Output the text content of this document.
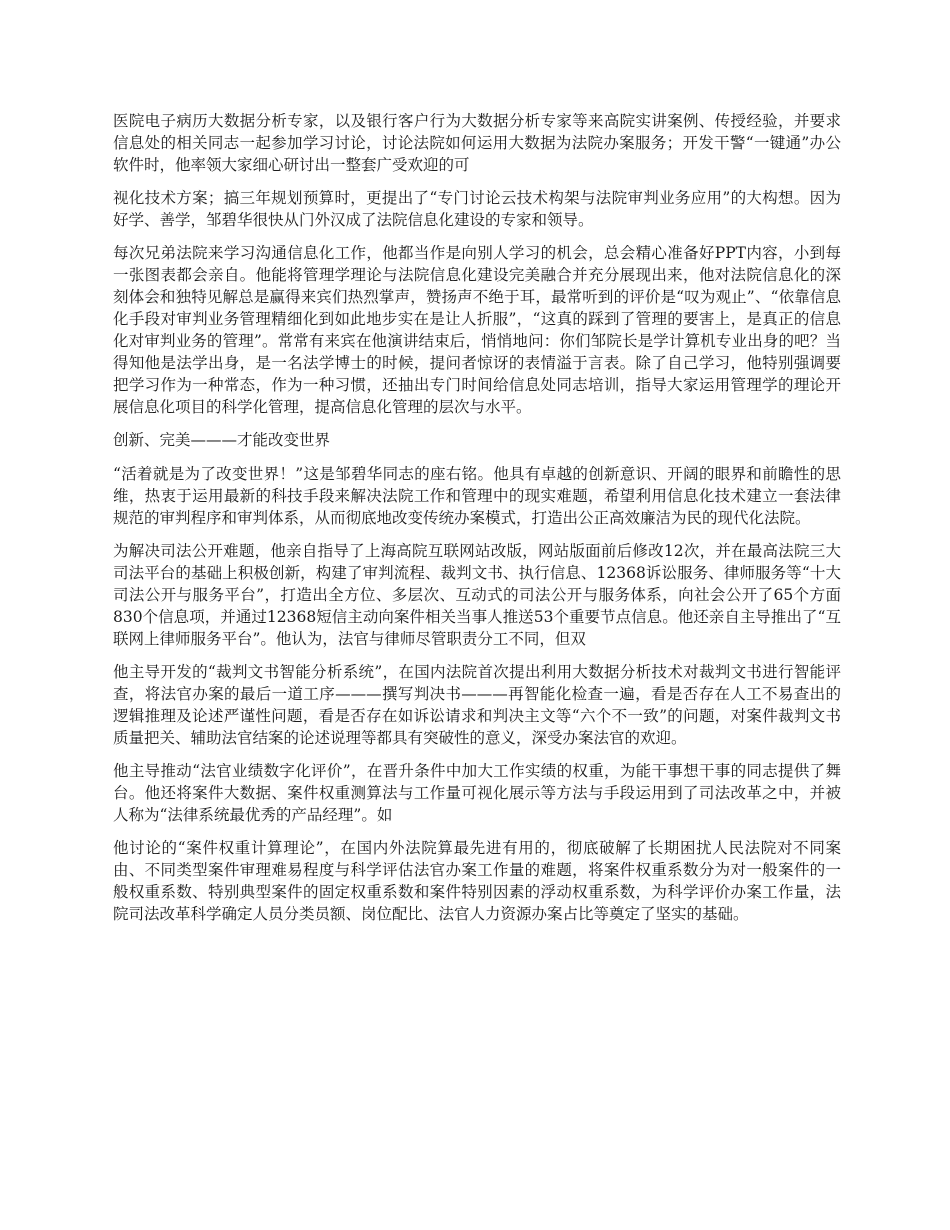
医院电子病历大数据分析专家，以及银行客户行为大数据分析专家等来高院实讲案例、传授经验，并要求信息处的相关同志一起参加学习讨论，讨论法院如何运用大数据为法院办案服务；开发干警“一键通”办公软件时，他率领大家细心研讨出一整套广受欢迎的可

视化技术方案；搞三年规划预算时，更提出了“专门讨论云技术构架与法院审判业务应用”的大构想。因为好学、善学，邹碧华很快从门外汉成了法院信息化建设的专家和领导。

每次兄弟法院来学习沟通信息化工作，他都当作是向别人学习的机会，总会精心准备好PPT内容，小到每一张图表都会亲自。他能将管理学理论与法院信息化建设完美融合并充分展现出来，他对法院信息化的深刻体会和独特见解总是赢得来宾们热烈掌声，赞扬声不绝于耳，最常听到的评价是“叹为观止”、“依靠信息化手段对审判业务管理精细化到如此地步实在是让人折服”，“这真的踩到了管理的要害上，是真正的信息化对审判业务的管理”。常常有来宾在他演讲结束后，悄悄地问：你们邹院长是学计算机专业出身的吧？当得知他是法学出身，是一名法学博士的时候，提问者惊讶的表情溢于言表。除了自己学习，他特别强调要把学习作为一种常态，作为一种习惯，还抽出专门时间给信息处同志培训，指导大家运用管理学的理论开展信息化项目的科学化管理，提高信息化管理的层次与水平。

创新、完美———才能改变世界

“活着就是为了改变世界！”这是邹碧华同志的座右铭。他具有卓越的创新意识、开阔的眼界和前瞻性的思维，热衷于运用最新的科技手段来解决法院工作和管理中的现实难题，希望利用信息化技术建立一套法律规范的审判程序和审判体系，从而彻底地改变传统办案模式，打造出公正高效廉洁为民的现代化法院。

为解决司法公开难题，他亲自指导了上海高院互联网站改版，网站版面前后修改12次，并在最高法院三大司法平台的基础上积极创新，构建了审判流程、裁判文书、执行信息、12368诉讼服务、律师服务等“十大司法公开与服务平台”，打造出全方位、多层次、互动式的司法公开与服务体系，向社会公开了65个方面830个信息项，并通过12368短信主动向案件相关当事人推送53个重要节点信息。他还亲自主导推出了“互联网上律师服务平台”。他认为，法官与律师尽管职责分工不同，但双

他主导开发的“裁判文书智能分析系统”，在国内法院首次提出利用大数据分析技术对裁判文书进行智能评查，将法官办案的最后一道工序———撰写判决书———再智能化检查一遍，看是否存在人工不易查出的逻辑推理及论述严谨性问题，看是否存在如诉讼请求和判决主文等“六个不一致”的问题，对案件裁判文书质量把关、辅助法官结案的论述说理等都具有突破性的意义，深受办案法官的欢迎。

他主导推动“法官业绩数字化评价”，在晋升条件中加大工作实绩的权重，为能干事想干事的同志提供了舞台。他还将案件大数据、案件权重测算法与工作量可视化展示等方法与手段运用到了司法改革之中，并被人称为“法律系统最优秀的产品经理”。如

他讨论的“案件权重计算理论”，在国内外法院算最先进有用的，彻底破解了长期困扰人民法院对不同案由、不同类型案件审理难易程度与科学评估法官办案工作量的难题，将案件权重系数分为对一般案件的一般权重系数、特别典型案件的固定权重系数和案件特别因素的浮动权重系数，为科学评价办案工作量，法院司法改革科学确定人员分类员额、岗位配比、法官人力资源办案占比等奠定了坚实的基础。
